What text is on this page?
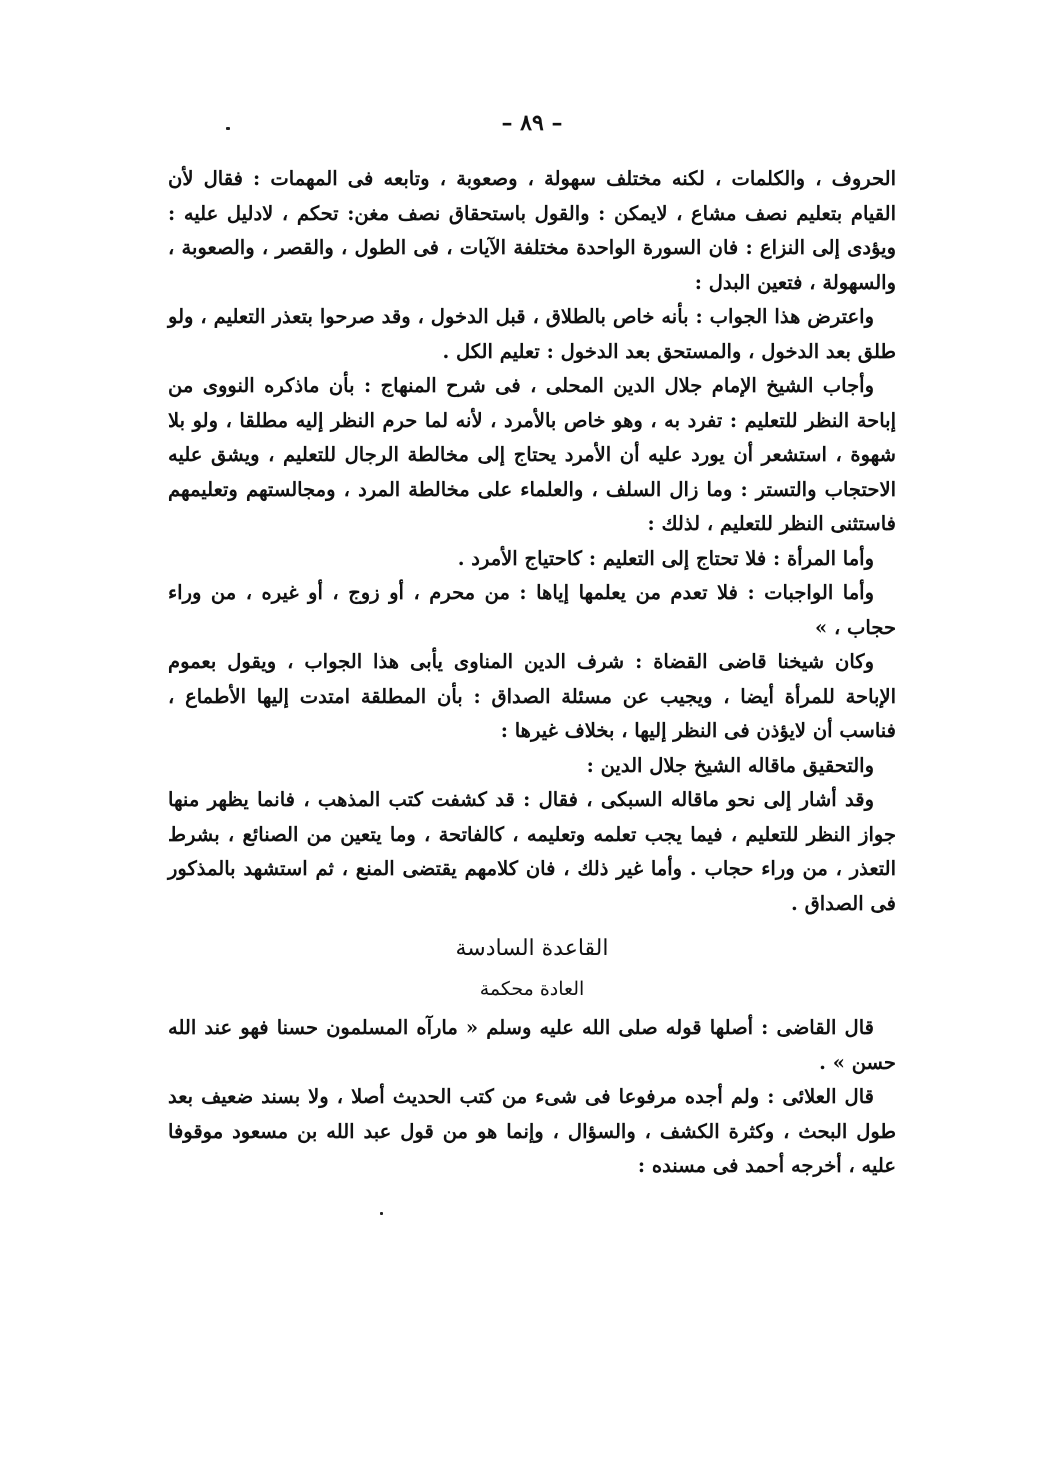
– ٨٩ –

الحروف ، والكلمات ، لكنه مختلف سهولة ، وصعوبة ، وتابعه فى المهمات : فقال لأن القيام بتعليم نصف مشاع ، لايمكن : والقول باستحقاق نصف مغن: تحكم ، لادليل عليه : ويؤدى إلى النزاع : فان السورة الواحدة مختلفة الآيات ، فى الطول ، والقصر ، والصعوبة ، والسهولة ، فتعين البدل :

واعترض هذا الجواب : بأنه خاص بالطلاق ، قبل الدخول ، وقد صرحوا بتعذر التعليم ، ولو طلق بعد الدخول ، والمستحق بعد الدخول : تعليم الكل .

وأجاب الشيخ الإمام جلال الدين المحلى ، فى شرح المنهاج : بأن ماذكره النووى من إباحة النظر للتعليم : تفرد به ، وهو خاص بالأمرد ، لأنه لما حرم النظر إليه مطلقا ، ولو بلا شهوة ، استشعر أن يورد عليه أن الأمرد يحتاج إلى مخالطة الرجال للتعليم ، ويشق عليه الاحتجاب والتستر : وما زال السلف ، والعلماء على مخالطة المرد ، ومجالستهم وتعليمهم فاستثنى النظر للتعليم ، لذلك :

وأما المرأة : فلا تحتاج إلى التعليم : كاحتياج الأمرد .

وأما الواجبات : فلا تعدم من يعلمها إياها : من محرم ، أو زوج ، أو غيره ، من وراء حجاب ، »

وكان شيخنا قاضى القضاة : شرف الدين المناوى يأبى هذا الجواب ، ويقول بعموم الإباحة للمرأة أيضا ، ويجيب عن مسئلة الصداق : بأن المطلقة امتدت إليها الأطماع ، فناسب أن لايؤذن فى النظر إليها ، بخلاف غيرها :

والتحقيق ماقاله الشيخ جلال الدين :

وقد أشار إلى نحو ماقاله السبكى ، فقال : قد كشفت كتب المذهب ، فانما يظهر منها جواز النظر للتعليم ، فيما يجب تعلمه وتعليمه ، كالفاتحة ، وما يتعين من الصنائع ، بشرط التعذر ، من وراء حجاب . وأما غير ذلك ، فان كلامهم يقتضى المنع ، ثم استشهد بالمذكور فى الصداق .

القاعدة السادسة
العادة محكمة

قال القاضى : أصلها قوله صلى الله عليه وسلم « مارآه المسلمون حسنا فهو عند الله حسن » .

قال العلائى : ولم أجده مرفوعا فى شىء من كتب الحديث أصلا ، ولا بسند ضعيف بعد طول البحث ، وكثرة الكشف ، والسؤال ، وإنما هو من قول عبد الله بن مسعود موقوفا عليه ، أخرجه أحمد فى مسنده :
